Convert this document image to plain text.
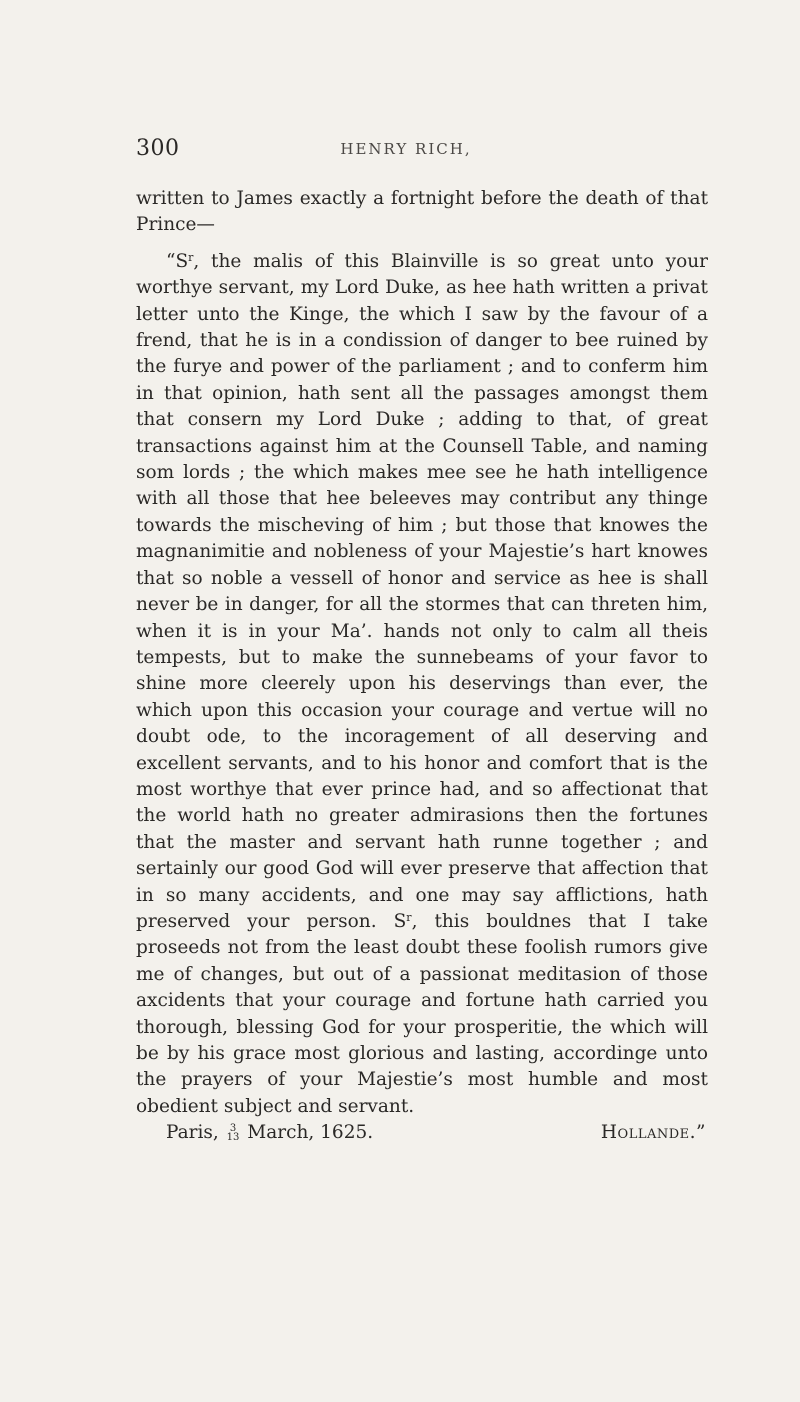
300	HENRY RICH,

written to James exactly a fortnight before the death of that Prince—

“$S^r$, the malis of this Blainville is so great unto your worthye servant, my Lord Duke, as hee hath written a privat letter unto the Kinge, the which I saw by the favour of a frend, that he is in a condission of danger to bee ruined by the furye and power of the parliament ; and to conferm him in that opinion, hath sent all the passages amongst them that consern my Lord Duke ; adding to that, of great transactions against him at the Counsell Table, and naming som lords ; the which makes mee see he hath intelligence with all those that hee beleeves may contribut any thinge towards the mischeving of him ; but those that knowes the magnanimitie and nobleness of your Majestie’s hart knowes that so noble a vessell of honor and service as hee is shall never be in danger, for all the stormes that can threten him, when it is in your Ma’. hands not only to calm all theis tempests, but to make the sunnebeams of your favor to shine more cleerely upon his deservings than ever, the which upon this occasion your courage and vertue will no doubt ode, to the incoragement of all deserving and excellent servants, and to his honor and comfort that is the most worthye that ever prince had, and so affectionat that the world hath no greater admirasions then the fortunes that the master and servant hath runne together ; and sertainly our good God will ever preserve that affection that in so many accidents, and one may say afflictions, hath preserved your person. $S^r$, this bouldnes that I take proseeds not from the least doubt these foolish rumors give me of changes, but out of a passionat meditasion of those axcidents that your courage and fortune hath carried you thorough, blessing God for your prosperitie, the which will be by his grace most glorious and lasting, accordinge unto the prayers of your Majestie’s most humble and most obedient subject and servant.

Paris,	3
13 March, 1625.	Hollande.”
